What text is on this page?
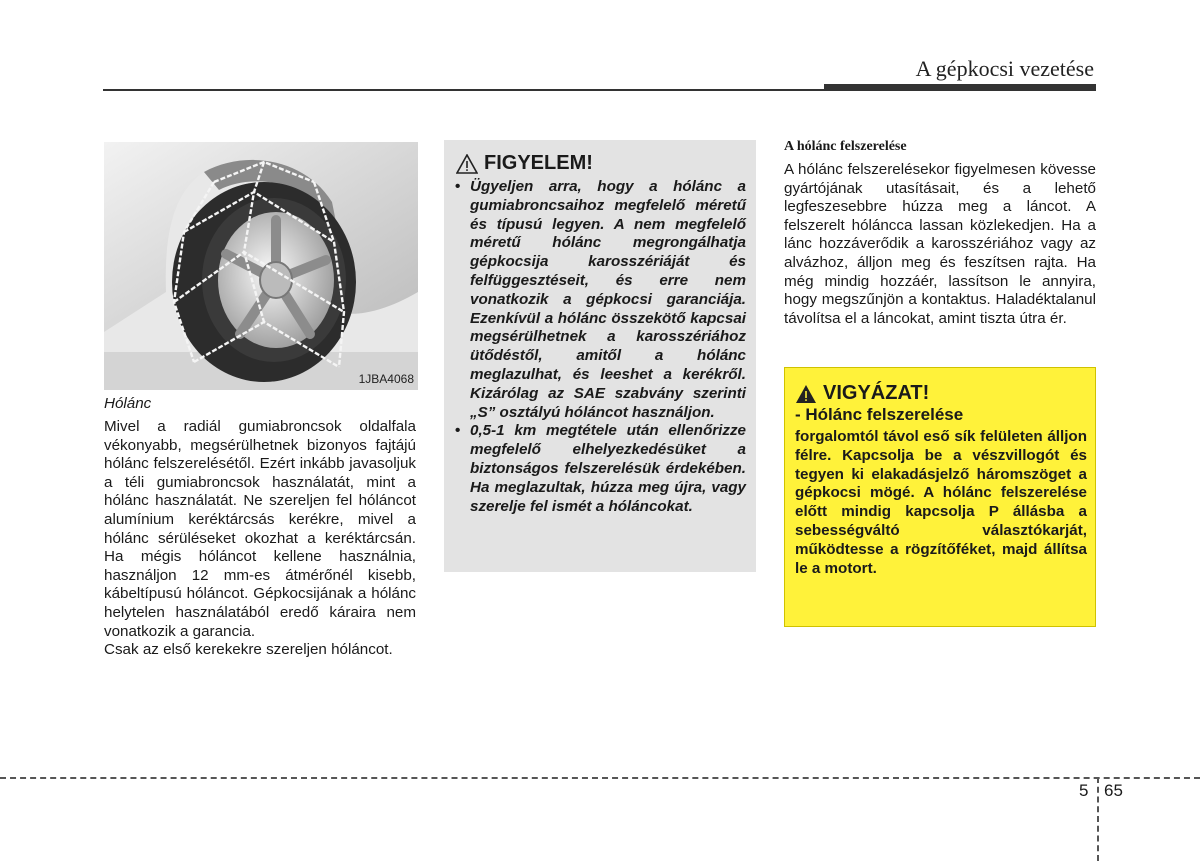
A gépkocsi vezetése
1JBA4068
Hólánc

Mivel a radiál gumiabroncsok oldalfala vékonyabb, megsérülhetnek bizonyos fajtájú hólánc felszerelésétől. Ezért inkább javasoljuk a téli gumiabroncsok használatát, mint a hólánc használatát. Ne szereljen fel hóláncot alumínium keréktárcsás kerékre, mivel a hólánc sérüléseket okozhat a keréktárcsán. Ha mégis hóláncot kellene használnia, használjon 12 mm-es átmérőnél kisebb, kábeltípusú hóláncot. Gépkocsijának a hólánc helytelen használatából eredő káraira nem vonatkozik a garancia.

Csak az első kerekekre szereljen hóláncot.

FIGYELEM!
• Ügyeljen arra, hogy a hólánc a gumiabroncsaihoz megfelelő méretű és típusú legyen. A nem megfelelő méretű hólánc megrongálhatja gépkocsija karosszériáját és felfüggesztéseit, és erre nem vonatkozik a gépkocsi garanciája. Ezenkívül a hólánc összekötő kapcsai megsérülhetnek a karosszériához ütődéstől, amitől a hólánc meglazulhat, és leeshet a kerékről. Kizárólag az SAE szabvány szerinti „S” osztályú hóláncot használjon.
• 0,5-1 km megtétele után ellenőrizze megfelelő elhelyezkedésüket a biztonságos felszerelésük érdekében. Ha meglazultak, húzza meg újra, vagy szerelje fel ismét a hóláncokat.
A hólánc felszerelése

A hólánc felszerelésekor figyelmesen kövesse gyártójának utasításait, és a lehető legfeszesebbre húzza meg a láncot. A felszerelt hóláncca lassan közlekedjen. Ha a lánc hozzáverődik a karosszériához vagy az alvázhoz, álljon meg és feszítsen rajta. Ha még mindig hozzáér, lassítson le annyira, hogy megszűnjön a kontaktus. Haladéktalanul távolítsa el a láncokat, amint tiszta útra ér.

VIGYÁZAT!
- Hólánc felszerelése
forgalomtól távol eső sík felületen álljon félre. Kapcsolja be a vészvillogót és tegyen ki elakadásjelző háromszöget a gépkocsi mögé. A hólánc felszerelése előtt mindig kapcsolja P állásba a sebességváltó választókarját, működtesse a rögzítőféket, majd állítsa le a motort.
5 65
